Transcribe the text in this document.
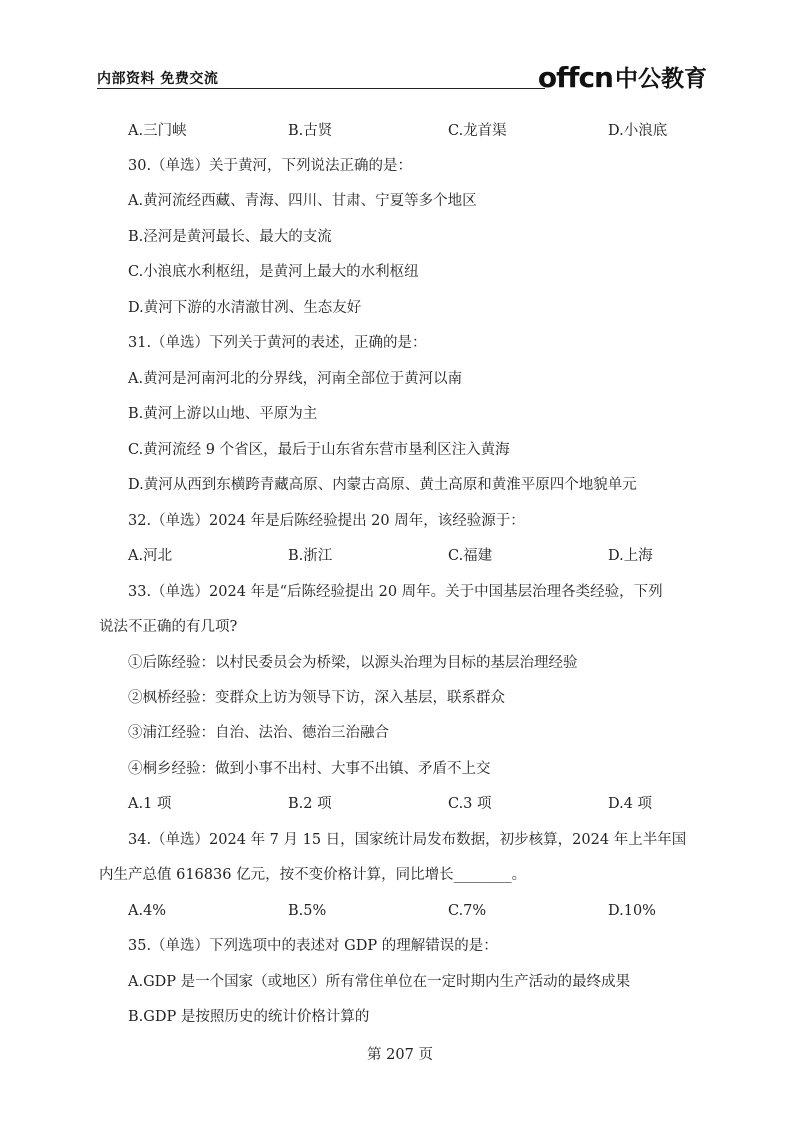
内部资料 免费交流	offcn 中公教育
A.三门峡	B.古贤	C.龙首渠	D.小浪底
30.（单选）关于黄河，下列说法正确的是：
A.黄河流经西藏、青海、四川、甘肃、宁夏等多个地区
B.泾河是黄河最长、最大的支流
C.小浪底水利枢纽，是黄河上最大的水利枢纽
D.黄河下游的水清澈甘冽、生态友好
31.（单选）下列关于黄河的表述，正确的是：
A.黄河是河南河北的分界线，河南全部位于黄河以南
B.黄河上游以山地、平原为主
C.黄河流经 9 个省区，最后于山东省东营市垦利区注入黄海
D.黄河从西到东横跨青藏高原、内蒙古高原、黄土高原和黄淮平原四个地貌单元
32.（单选）2024 年是后陈经验提出 20 周年，该经验源于：
A.河北	B.浙江	C.福建	D.上海
33.（单选）2024 年是“后陈经验提出 20 周年。关于中国基层治理各类经验，下列
说法不正确的有几项?
①后陈经验：以村民委员会为桥梁，以源头治理为目标的基层治理经验
②枫桥经验：变群众上访为领导下访，深入基层，联系群众
③浦江经验：自治、法治、德治三治融合
④桐乡经验：做到小事不出村、大事不出镇、矛盾不上交
A.1 项	B.2 项	C.3 项	D.4 项
34.（单选）2024 年 7 月 15 日，国家统计局发布数据，初步核算，2024 年上半年国
内生产总值 616836 亿元，按不变价格计算，同比增长________。
A.4%	B.5%	C.7%	D.10%
35.（单选）下列选项中的表述对 GDP 的理解错误的是：
A.GDP 是一个国家（或地区）所有常住单位在一定时期内生产活动的最终成果
B.GDP 是按照历史的统计价格计算的
第 207 页
